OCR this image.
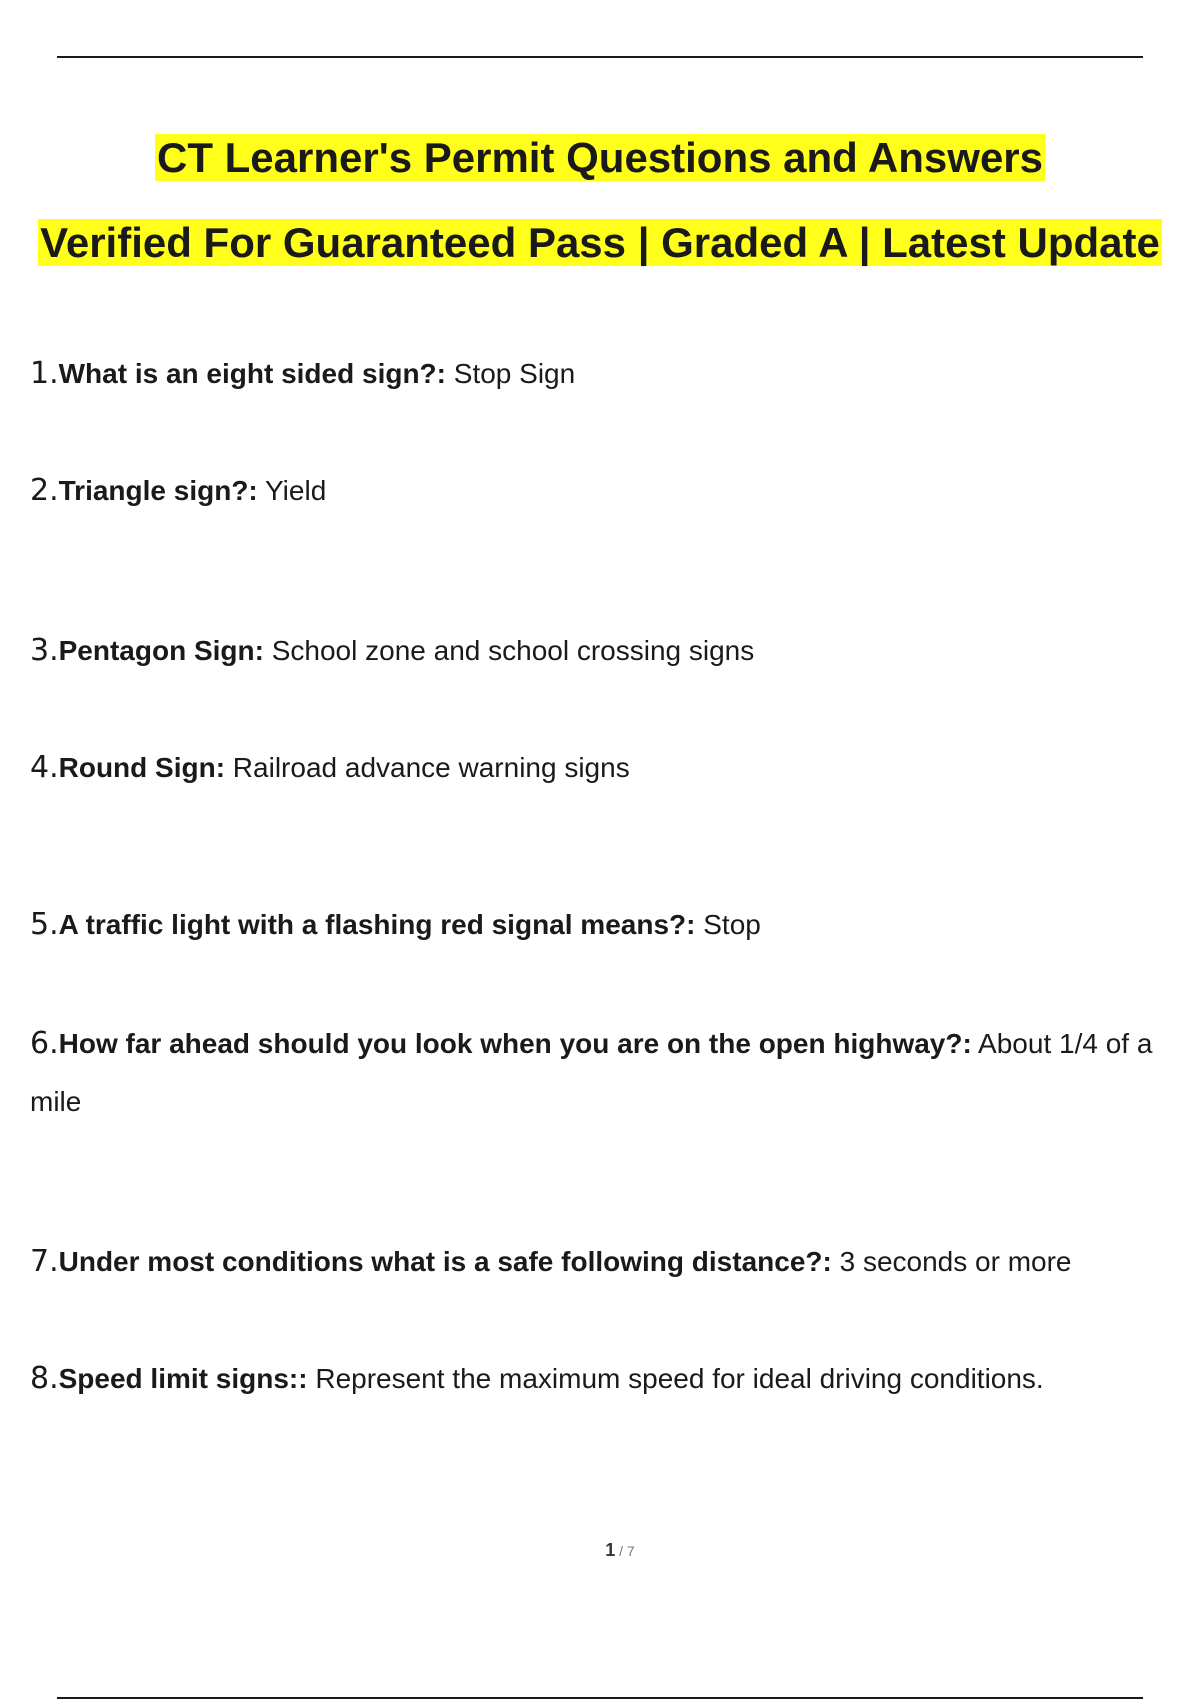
CT Learner's Permit Questions and Answers
Verified For Guaranteed Pass | Graded A | Latest Update
1.What is an eight sided sign?: Stop Sign
2.Triangle sign?: Yield
3.Pentagon Sign: School zone and school crossing signs
4.Round Sign: Railroad advance warning signs
5.A traffic light with a flashing red signal means?: Stop
6.How far ahead should you look when you are on the open highway?: About 1/4 of a mile
7.Under most conditions what is a safe following distance?: 3 seconds or more
8.Speed limit signs:: Represent the maximum speed for ideal driving conditions.
1 / 7
